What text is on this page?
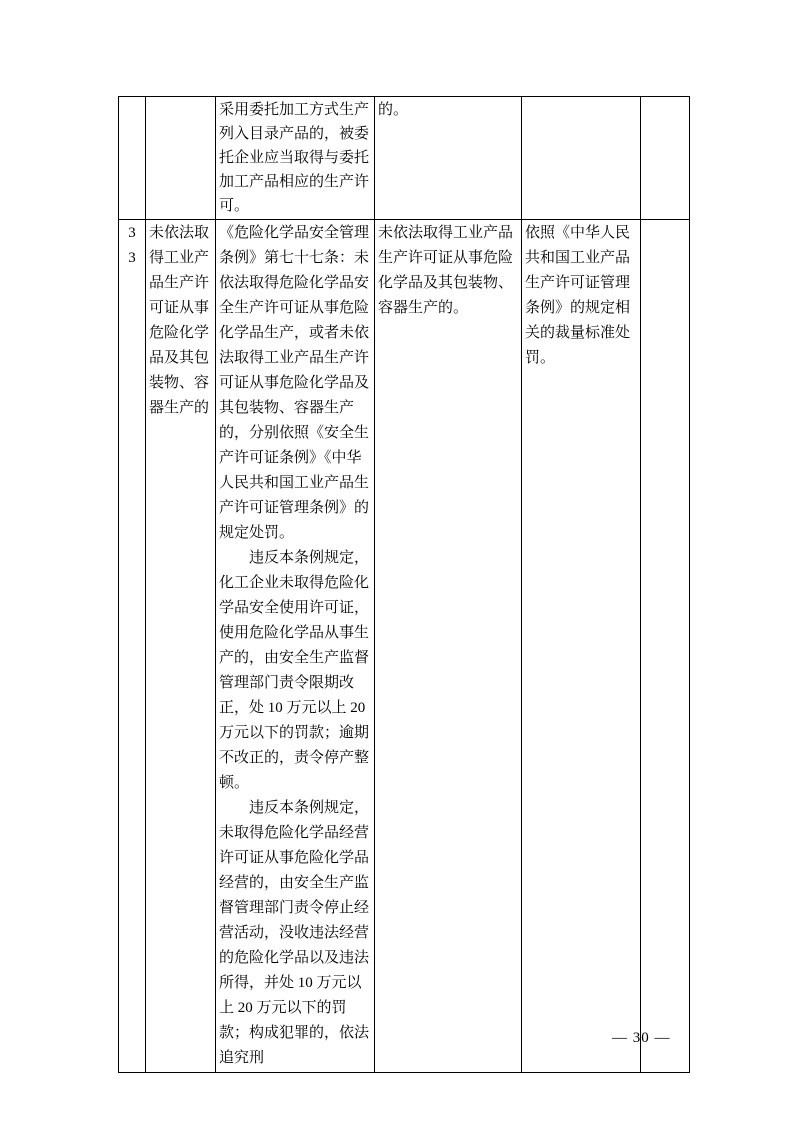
		采用委托加工方式生产列入目录产品的，被委托企业应当取得与委托加工产品相应的生产许可。	的。		

33	未依法取得工业产品生产许可证从事危险化学品及其包装物、容器生产的	《危险化学品安全管理条例》第七十七条：未依法取得危险化学品安全生产许可证从事危险化学品生产，或者未依法取得工业产品生产许可证从事危险化学品及其包装物、容器生产的，分别依照《安全生产许可证条例》《中华人民共和国工业产品生产许可证管理条例》的规定处罚。

违反本条例规定，化工企业未取得危险化学品安全使用许可证，使用危险化学品从事生产的，由安全生产监督管理部门责令限期改正，处 10 万元以上 20 万元以下的罚款；逾期不改正的，责令停产整顿。

违反本条例规定，未取得危险化学品经营许可证从事危险化学品经营的，由安全生产监督管理部门责令停止经营活动，没收违法经营的危险化学品以及违法所得，并处 10 万元以上 20 万元以下的罚款；构成犯罪的，依法追究刑	未依法取得工业产品生产许可证从事危险化学品及其包装物、容器生产的。	依照《中华人民共和国工业产品生产许可证管理条例》的规定相关的裁量标准处罚。	

— 30 —
